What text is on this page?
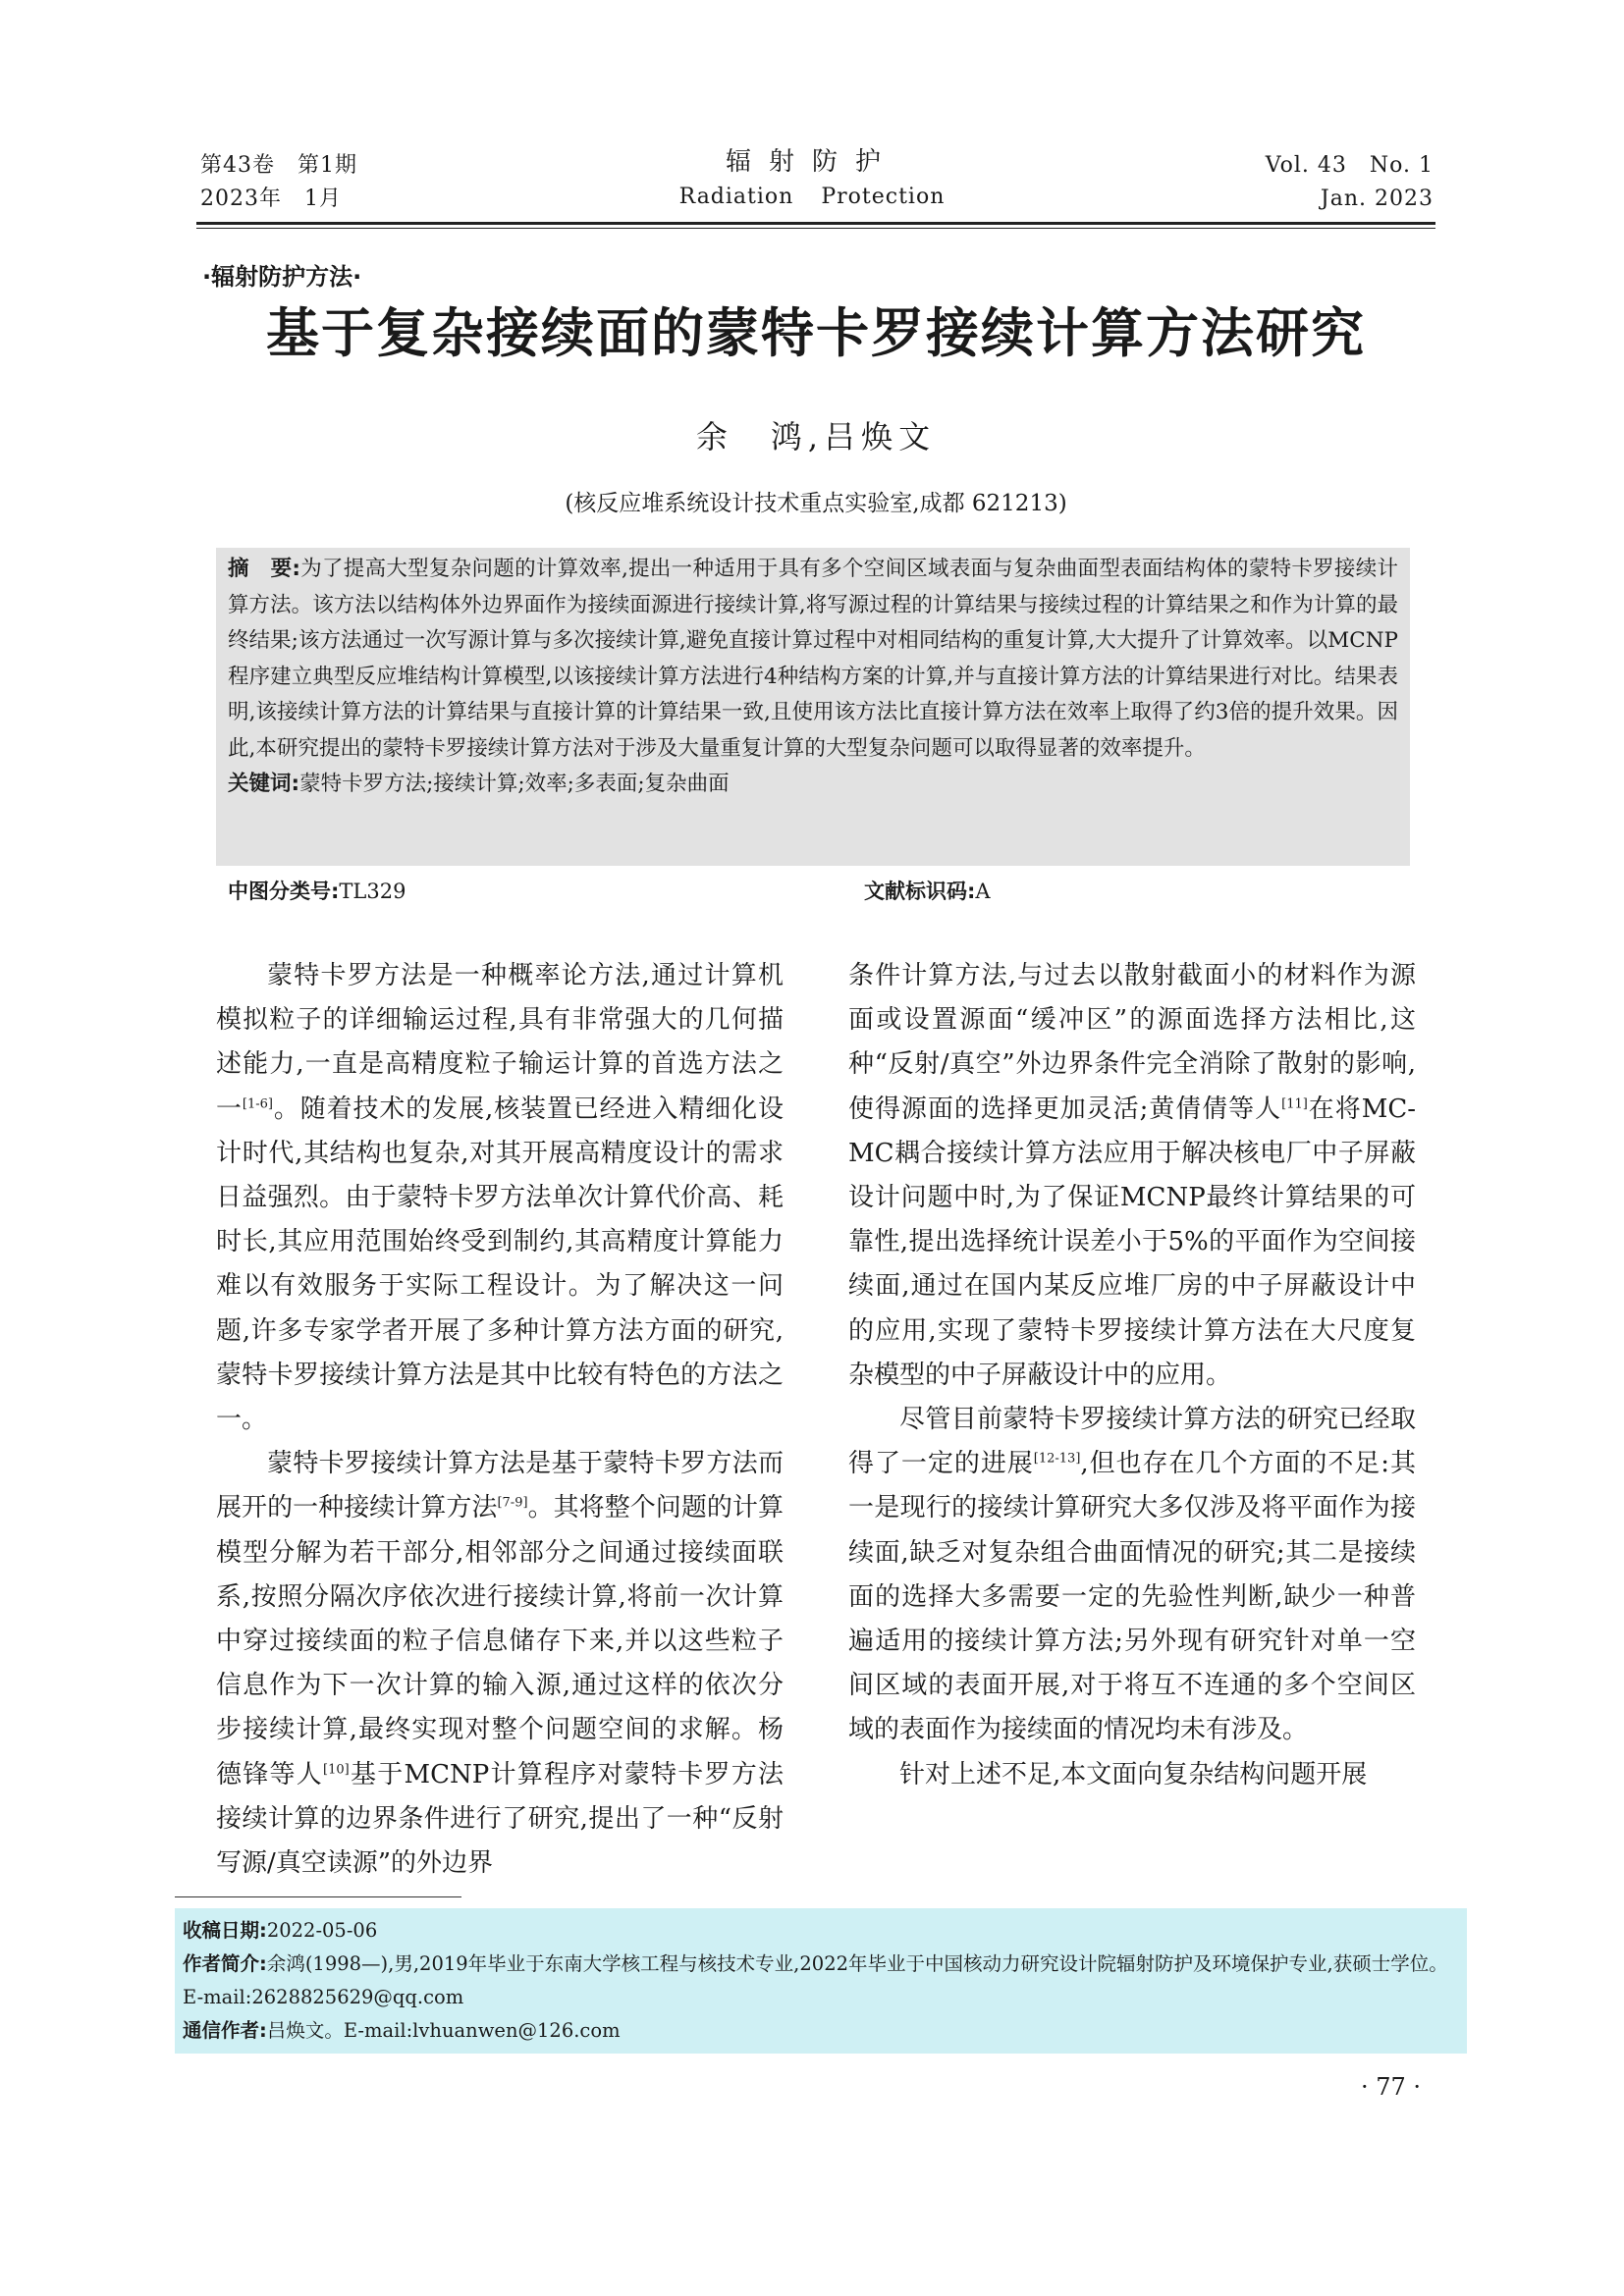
第43卷　第1期
2023年　1月
辐射防护
Radiation Protection
Vol. 43　No. 1
Jan. 2023
·辐射防护方法·
基于复杂接续面的蒙特卡罗接续计算方法研究
余　鸿,吕焕文
(核反应堆系统设计技术重点实验室,成都 621213)
摘　要:为了提高大型复杂问题的计算效率,提出一种适用于具有多个空间区域表面与复杂曲面型表面结构体的蒙特卡罗接续计算方法。该方法以结构体外边界面作为接续面源进行接续计算,将写源过程的计算结果与接续过程的计算结果之和作为计算的最终结果;该方法通过一次写源计算与多次接续计算,避免直接计算过程中对相同结构的重复计算,大大提升了计算效率。以MCNP程序建立典型反应堆结构计算模型,以该接续计算方法进行4种结构方案的计算,并与直接计算方法的计算结果进行对比。结果表明,该接续计算方法的计算结果与直接计算的计算结果一致,且使用该方法比直接计算方法在效率上取得了约3倍的提升效果。因此,本研究提出的蒙特卡罗接续计算方法对于涉及大量重复计算的大型复杂问题可以取得显著的效率提升。
关键词:蒙特卡罗方法;接续计算;效率;多表面;复杂曲面
中图分类号:TL329	文献标识码:A

蒙特卡罗方法是一种概率论方法,通过计算机模拟粒子的详细输运过程,具有非常强大的几何描述能力,一直是高精度粒子输运计算的首选方法之一[1-6]。随着技术的发展,核装置已经进入精细化设计时代,其结构也复杂,对其开展高精度设计的需求日益强烈。由于蒙特卡罗方法单次计算代价高、耗时长,其应用范围始终受到制约,其高精度计算能力难以有效服务于实际工程设计。为了解决这一问题,许多专家学者开展了多种计算方法方面的研究,蒙特卡罗接续计算方法是其中比较有特色的方法之一。

蒙特卡罗接续计算方法是基于蒙特卡罗方法而展开的一种接续计算方法[7-9]。其将整个问题的计算模型分解为若干部分,相邻部分之间通过接续面联系,按照分隔次序依次进行接续计算,将前一次计算中穿过接续面的粒子信息储存下来,并以这些粒子信息作为下一次计算的输入源,通过这样的依次分步接续计算,最终实现对整个问题空间的求解。杨德锋等人[10]基于MCNP计算程序对蒙特卡罗方法接续计算的边界条件进行了研究,提出了一种“反射写源/真空读源”的外边界

条件计算方法,与过去以散射截面小的材料作为源面或设置源面“缓冲区”的源面选择方法相比,这种“反射/真空”外边界条件完全消除了散射的影响,使得源面的选择更加灵活;黄倩倩等人[11]在将MC-MC耦合接续计算方法应用于解决核电厂中子屏蔽设计问题中时,为了保证MCNP最终计算结果的可靠性,提出选择统计误差小于5%的平面作为空间接续面,通过在国内某反应堆厂房的中子屏蔽设计中的应用,实现了蒙特卡罗接续计算方法在大尺度复杂模型的中子屏蔽设计中的应用。

尽管目前蒙特卡罗接续计算方法的研究已经取得了一定的进展[12-13],但也存在几个方面的不足:其一是现行的接续计算研究大多仅涉及将平面作为接续面,缺乏对复杂组合曲面情况的研究;其二是接续面的选择大多需要一定的先验性判断,缺少一种普遍适用的接续计算方法;另外现有研究针对单一空间区域的表面开展,对于将互不连通的多个空间区域的表面作为接续面的情况均未有涉及。

针对上述不足,本文面向复杂结构问题开展

收稿日期:2022-05-06
作者简介:余鸿(1998—),男,2019年毕业于东南大学核工程与核技术专业,2022年毕业于中国核动力研究设计院辐射防护及环境保护专业,获硕士学位。E-mail:2628825629@qq.com
通信作者:吕焕文。E-mail:lvhuanwen@126.com
· 77 ·
